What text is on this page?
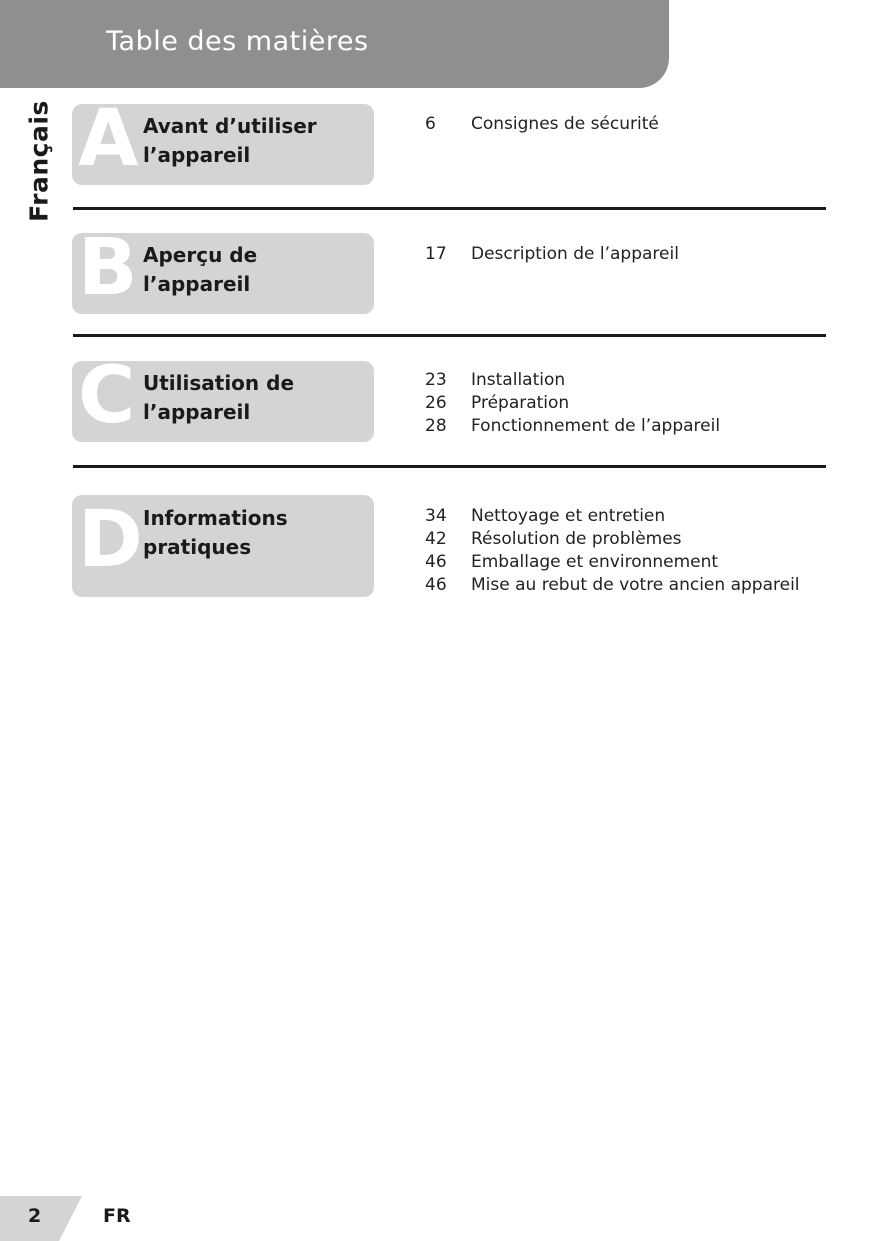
Table des matières
Français A Avant d’utiliser l’appareil
6	Consignes de sécurité
B Aperçu de l’appareil
17	Description de l’appareil
C Utilisation de l’appareil
23	Installation
26	Préparation
28	Fonctionnement de l’appareil
D Informations pratiques
34	Nettoyage et entretien
42	Résolution de problèmes
46	Emballage et environnement
46	Mise au rebut de votre ancien appareil
2	FR
